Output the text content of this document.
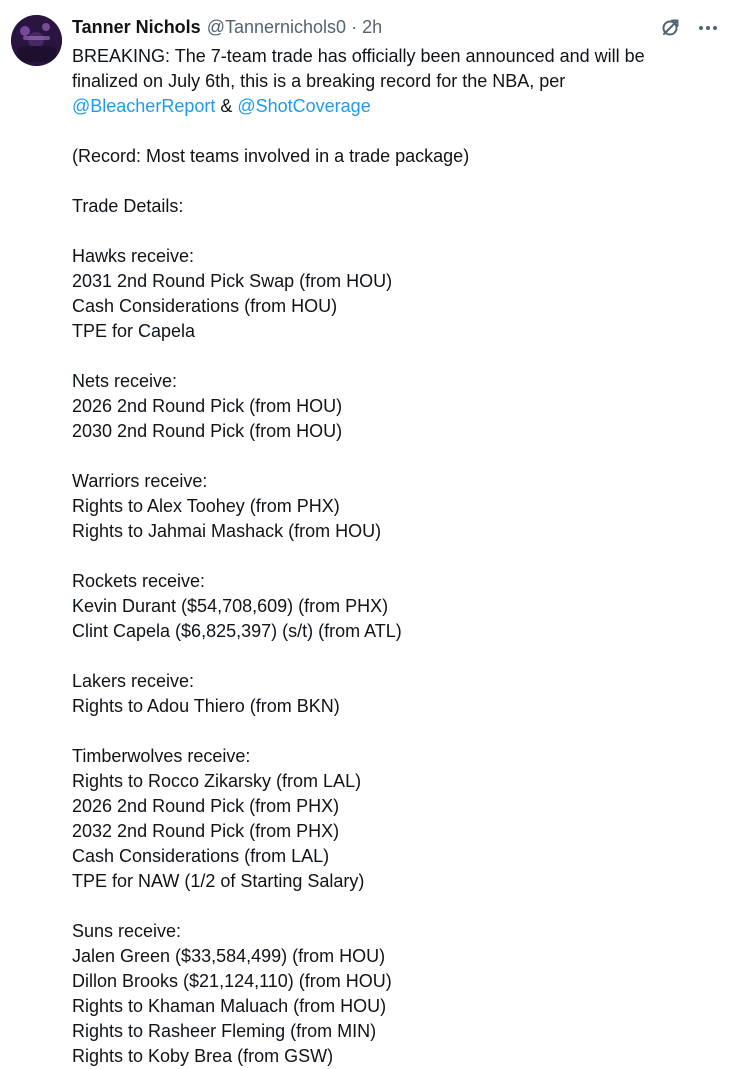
Tanner Nichols @Tannernichols0 · 2h
BREAKING: The 7-team trade has officially been announced and will be
finalized on July 6th, this is a breaking record for the NBA, per
@BleacherReport & @ShotCoverage
(Record: Most teams involved in a trade package)
Trade Details:
Hawks receive:
2031 2nd Round Pick Swap (from HOU)
Cash Considerations (from HOU)
TPE for Capela
Nets receive:
2026 2nd Round Pick (from HOU)
2030 2nd Round Pick (from HOU)
Warriors receive:
Rights to Alex Toohey (from PHX)
Rights to Jahmai Mashack (from HOU)
Rockets receive:
Kevin Durant ($54,708,609) (from PHX)
Clint Capela ($6,825,397) (s/t) (from ATL)
Lakers receive:
Rights to Adou Thiero (from BKN)
Timberwolves receive:
Rights to Rocco Zikarsky (from LAL)
2026 2nd Round Pick (from PHX)
2032 2nd Round Pick (from PHX)
Cash Considerations (from LAL)
TPE for NAW (1/2 of Starting Salary)
Suns receive:
Jalen Green ($33,584,499) (from HOU)
Dillon Brooks ($21,124,110) (from HOU)
Rights to Khaman Maluach (from HOU)
Rights to Rasheer Fleming (from MIN)
Rights to Koby Brea (from GSW)
